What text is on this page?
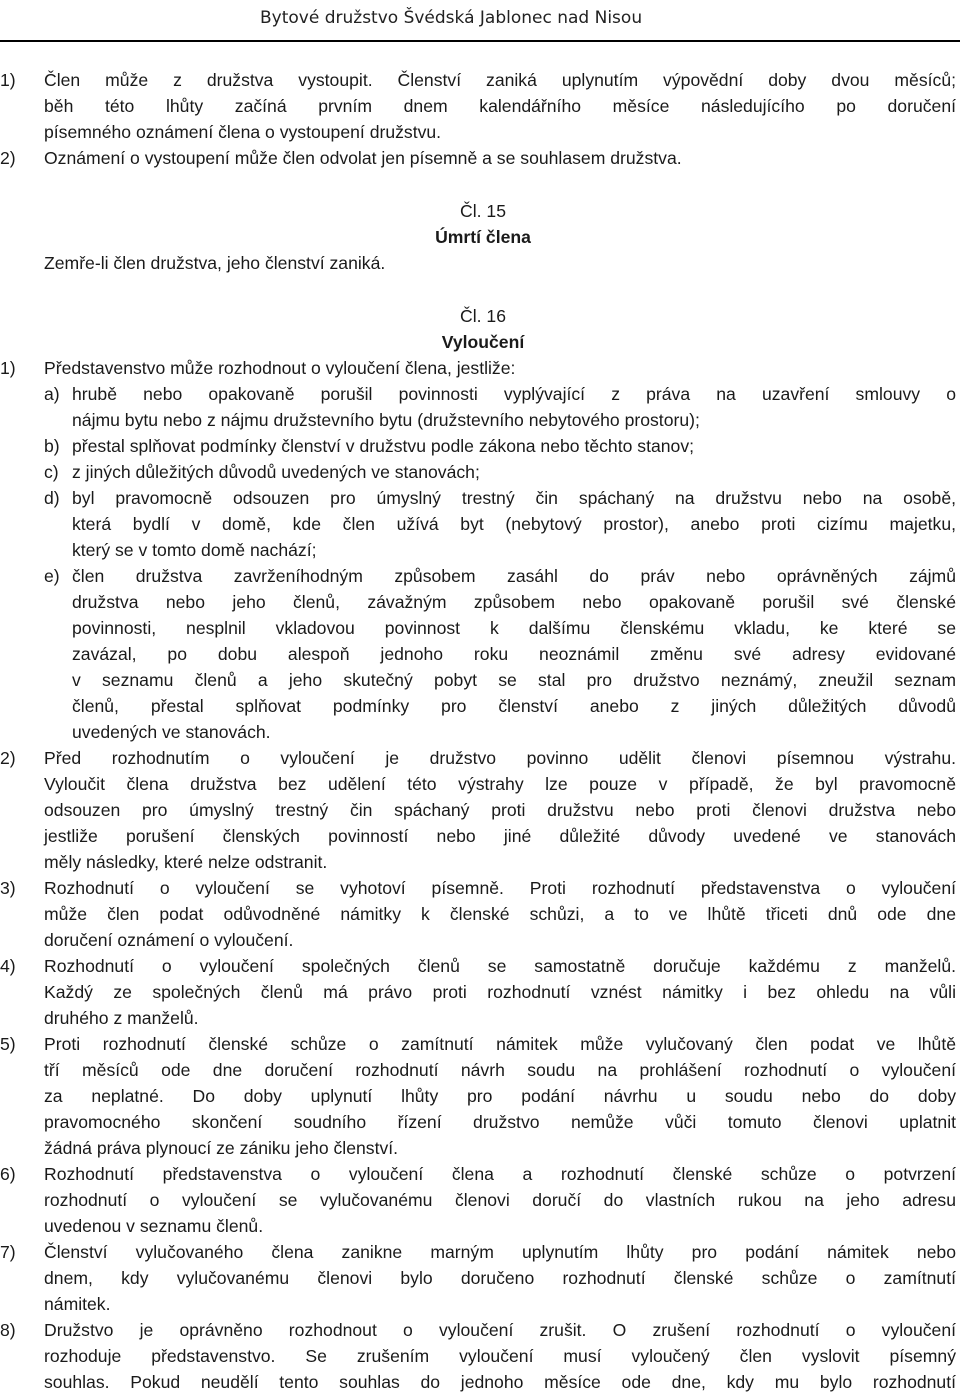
Bytové družstvo Švédská Jablonec nad Nisou
1) Člen může z družstva vystoupit. Členství zaniká uplynutím výpovědní doby dvou měsíců;
běh této lhůty začíná prvním dnem kalendářního měsíce následujícího po doručení
písemného oznámení člena o vystoupení družstvu.
2) Oznámení o vystoupení může člen odvolat jen písemně a se souhlasem družstva.
Čl. 15
Úmrtí člena
Zemře-li člen družstva, jeho členství zaniká.
Čl. 16
Vyloučení
1) Představenstvo může rozhodnout o vyloučení člena, jestliže:
a) hrubě nebo opakovaně porušil povinnosti vyplývající z práva na uzavření smlouvy o
nájmu bytu nebo z nájmu družstevního bytu (družstevního nebytového prostoru);
b) přestal splňovat podmínky členství v družstvu podle zákona nebo těchto stanov;
c) z jiných důležitých důvodů uvedených ve stanovách;
d) byl pravomocně odsouzen pro úmyslný trestný čin spáchaný na družstvu nebo na osobě,
která bydlí v domě, kde člen užívá byt (nebytový prostor), anebo proti cizímu majetku,
který se v tomto domě nachází;
e) člen družstva zavrženíhodným způsobem zasáhl do práv nebo oprávněných zájmů
družstva nebo jeho členů, závažným způsobem nebo opakovaně porušil své členské
povinnosti, nesplnil vkladovou povinnost k dalšímu členskému vkladu, ke které se
zavázal, po dobu alespoň jednoho roku neoznámil změnu své adresy evidované
v seznamu členů a jeho skutečný pobyt se stal pro družstvo neznámý, zneužil seznam
členů, přestal splňovat podmínky pro členství anebo z jiných důležitých důvodů
uvedených ve stanovách.
2) Před rozhodnutím o vyloučení je družstvo povinno udělit členovi písemnou výstrahu.
Vyloučit člena družstva bez udělení této výstrahy lze pouze v případě, že byl pravomocně
odsouzen pro úmyslný trestný čin spáchaný proti družstvu nebo proti členovi družstva nebo
jestliže porušení členských povinností nebo jiné důležité důvody uvedené ve stanovách
měly následky, které nelze odstranit.
3) Rozhodnutí o vyloučení se vyhotoví písemně. Proti rozhodnutí představenstva o vyloučení
může člen podat odůvodněné námitky k členské schůzi, a to ve lhůtě třiceti dnů ode dne
doručení oznámení o vyloučení.
4) Rozhodnutí o vyloučení společných členů se samostatně doručuje každému z manželů.
Každý ze společných členů má právo proti rozhodnutí vznést námitky i bez ohledu na vůli
druhého z manželů.
5) Proti rozhodnutí členské schůze o zamítnutí námitek může vylučovaný člen podat ve lhůtě
tří měsíců ode dne doručení rozhodnutí návrh soudu na prohlášení rozhodnutí o vyloučení
za neplatné. Do doby uplynutí lhůty pro podání návrhu u soudu nebo do doby
pravomocného skončení soudního řízení družstvo nemůže vůči tomuto členovi uplatnit
žádná práva plynoucí ze zániku jeho členství.
6) Rozhodnutí představenstva o vyloučení člena a rozhodnutí členské schůze o potvrzení
rozhodnutí o vyloučení se vylučovanému členovi doručí do vlastních rukou na jeho adresu
uvedenou v seznamu členů.
7) Členství vylučovaného člena zanikne marným uplynutím lhůty pro podání námitek nebo
dnem, kdy vylučovanému členovi bylo doručeno rozhodnutí členské schůze o zamítnutí
námitek.
8) Družstvo je oprávněno rozhodnout o vyloučení zrušit. O zrušení rozhodnutí o vyloučení
rozhoduje představenstvo. Se zrušením vyloučení musí vyloučený člen vyslovit písemný
souhlas. Pokud neudělí tento souhlas do jednoho měsíce ode dne, kdy mu bylo rozhodnutí
